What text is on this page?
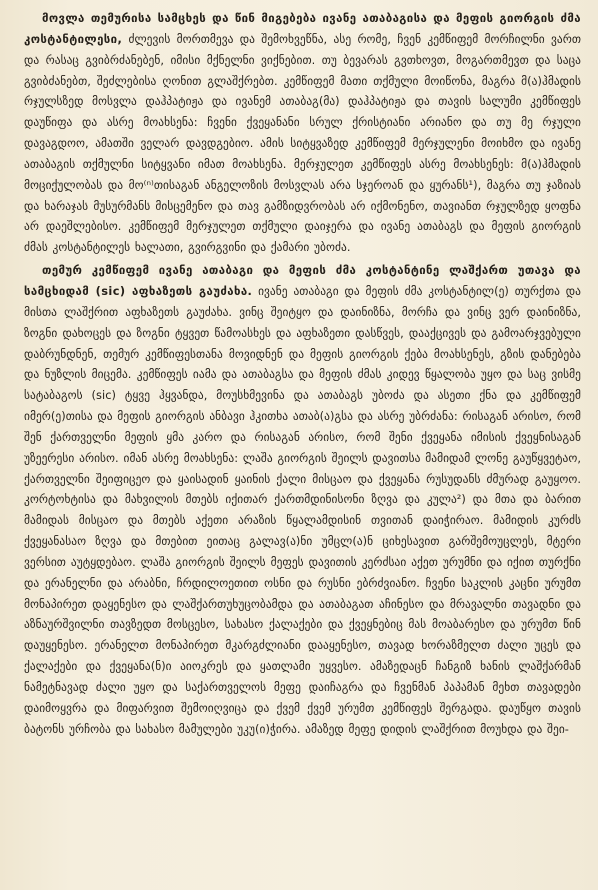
მოვლა თემურისა სამცხეს და წინ მიგებება ივანე ათაბაგისა და მეფის გიორგის ძმა კოსტანტილესი, ძლევის მორთმევა და შემოხვეწნა, ასე რომე, ჩვენ კემწიფემ მორჩილნი ვართ და რასაც გვიბრძანებენ, იმისი მქნელნი ვიქნებით. თუ ბევარას გვთხოვთ, მოგართმევთ და საცა გვიბძანებთ, შეძლებისა ღონით გლაშქრებთ. კემწიფემ მათი თქმული მოიწონა, მაგრა მ(ა)ჰმადის რჯულსზედ მოსვლა დაჰპატიჟა და ივანემ ათაბაგ(მა) დაჰპატიჟა და თავის სალუმი კემწიფეს დაუწიფა და ასრე მოახსენა: ჩვენი ქვეყანანი სრულ ქრისტიანი არიანო და თუ მე რჯული დავაგდოო, ამათში ველარ დავდგებიო. ამის სიტყვაზედ კემწიფემ მერჯულენი მოიხმო და ივანე ათაბაგის თქმულნი სიტყვანი იმათ მოახსენა. მერჯულეთ კემწიფეს ასრე მოახსენეს: მ(ა)ჰმადის მოციქულობას და მო⁽ⁿ⁾თისაგან ანგელოზის მოსვლას არა სჯეროან და ყურანს¹), მაგრა თუ ჯაზიას და ხარაჯას მუსურმანს მისცემენო და თავ გამზიდვრობას არ იქმონენო, თავიანთ რჯულზედ ყოფნა არ დაეშლებისო. კემწიფემ მერჯულეთ თქმული დაიჯერა და ივანე ათაბაგს და მეფის გიორგის ძმას კოსტანტილეს ხალათი, გვირგვინი და ქამარი უბოძა.

თემურ კემწიფემ ივანე ათაბაგი და მეფის ძმა კოსტანტინე ლაშქართ უთავა და სამცხიდამ (sic) აფხაზეთს გაუძახა. ივანე ათაბაგი და მეფის ძმა კოსტანტილ(ე) თურქთა და მისთა ლაშქრით აფხაზეთს გაუძახა. ვინც შეიტყო და დაინიზნა, მორჩა და ვინც ვერ დაინიზნა, ზოგნი დახოცეს და ზოგნი ტყვეთ წამოასხეს და აფხაზეთი დასწვეს, დააქცივეს და გამოარჯვებული დაბრუნდნენ, თემურ კემწიფესთანა მოვიდნენ და მეფის გიორგის ქება მოახსენეს, გზის დანებება და ნუზლის მიცემა. კემწიფეს იამა და ათაბაგსა და მეფის ძმას კიდევ წყალობა უყო და საც ვისმე სატაბაგოს (sic) ტყვე ჰყვანდა, მოუსხმევინა და ათაბაგს უბოძა და ასეთი ქნა და კემწიფემ იმერ(ე)თისა და მეფის გიორგის ანბავი ჰკითხა ათაბ(ა)გსა და ასრე უბრძანა: რისაგან არისო, რომ შენ ქართველნი მეფის ყმა კარო და რისაგან არისო, რომ შენი ქვეყანა იმისის ქვეყნისაგან უზეერესი არისო. იმან ასრე მოახსენა: ლაშა გიორგის შეილს დავითსა მამიდამ ლონე გაუწყვეტაო, ქართველნი შეიფიცეო და ყაისადინ ყაინის ქალი მისცაო და ქვეყანა რუსუდანს ძმურად გაუყოო. კორტოხტისა და მახვილის მთებს იქითარ ქართმდინისონი ზღვა და კულა²) და მთა და ბარით მამიდას მისცაო და მთებს აქეთი არაზის წყალამდისინ თვითან დაიჭირაო. მამიდის კურძს ქვეყანასაო ზღვა და მთებით ეითაც გალავ(ა)ნი უმცლ(ა)ნ ციხესავით გარშემოუცლეს, მტერი ვერსით აუტყდებაო. ლაშა გიორგის შეილს მეფეს დავითის კერძსაი აქეთ ურუმნი და იქით თურქნი და ერანელნი და არაბნი, ჩრდილოეთით ოსნი და რუსნი ებრძვიანო. ჩვენი საკლის კაცნი ურუმთ მონაპირეთ დაყენესო და ლაშქართუხუცობამდა და ათაბაგათ აჩინესო და მრავალნი თავადნი და აზნაურშვილნი თავზედთ მოსცესო, სახასო ქალაქები და ქვეყნებიც მას მოაბარესო და ურუმთ წინ დაუყენესო. ერანელთ მონაპირეთ მკარგძლიანი დააყენესო, თავად ხორაზმელთ ძალი უცეს და ქალაქები და ქვეყანა(ნ)ი აიოკრეს და ყათლამი უყვესო. ამაზედაცნ ჩანგიზ ხანის ლაშქარმან ნამეტნავად ძალი უყო და საქართველოს მეფე დაიჩაგრა და ჩვენმან პაპამან მეხთ თავადები დაიმოყვრა და მიფარვით შემოიღვიცა და ქვემ ქვემ ურუმთ კემწიფეს შერგადა. დაუწყო თავის ბატონს ურჩობა და სახასო მამულები უკუ(ი)ჭირა. ამაზედ მეფე დიდის ლაშქრით მოუხდა და შეი-
